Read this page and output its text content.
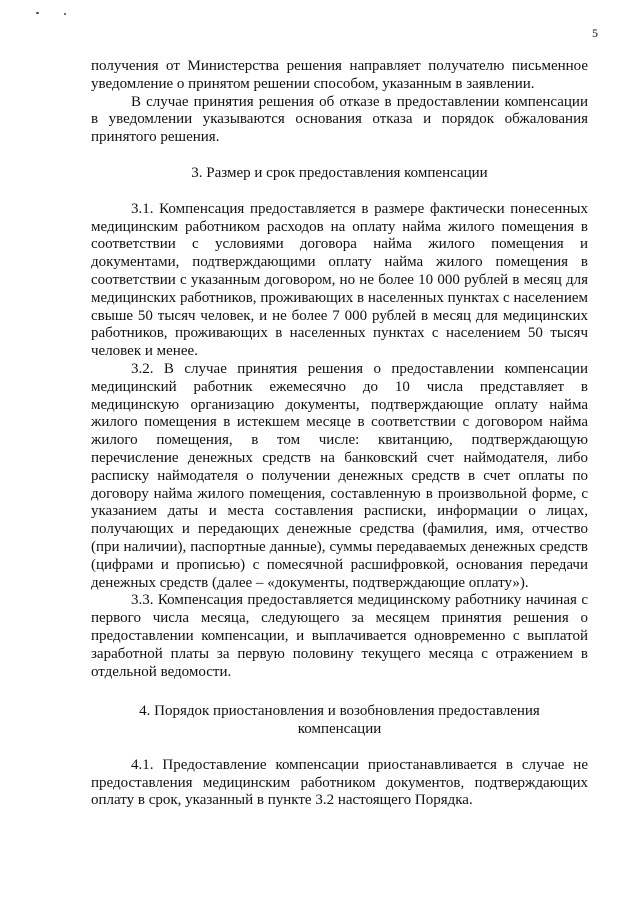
5

получения от Министерства решения направляет получателю письменное уведомление о принятом решении способом, указанным в заявлении.

В случае принятия решения об отказе в предоставлении компенсации в уведомлении указываются основания отказа и порядок обжалования принятого решения.

3. Размер и срок предоставления компенсации

3.1. Компенсация предоставляется в размере фактически понесенных медицинским работником расходов на оплату найма жилого помещения в соответствии с условиями договора найма жилого помещения и документами, подтверждающими оплату найма жилого помещения в соответствии с указанным договором, но не более 10 000 рублей в месяц для медицинских работников, проживающих в населенных пунктах с населением свыше 50 тысяч человек, и не более 7 000 рублей в месяц для медицинских работников, проживающих в населенных пунктах с населением 50 тысяч человек и менее.

3.2. В случае принятия решения о предоставлении компенсации медицинский работник ежемесячно до 10 числа представляет в медицинскую организацию документы, подтверждающие оплату найма жилого помещения в истекшем месяце в соответствии с договором найма жилого помещения, в том числе: квитанцию, подтверждающую перечисление денежных средств на банковский счет наймодателя, либо расписку наймодателя о получении денежных средств в счет оплаты по договору найма жилого помещения, составленную в произвольной форме, с указанием даты и места составления расписки, информации о лицах, получающих и передающих денежные средства (фамилия, имя, отчество (при наличии), паспортные данные), суммы передаваемых денежных средств (цифрами и прописью) с помесячной расшифровкой, основания передачи денежных средств (далее – «документы, подтверждающие оплату»).

3.3. Компенсация предоставляется медицинскому работнику начиная с первого числа месяца, следующего за месяцем принятия решения о предоставлении компенсации, и выплачивается одновременно с выплатой заработной платы за первую половину текущего месяца с отражением в отдельной ведомости.

4. Порядок приостановления и возобновления предоставления

компенсации

4.1. Предоставление компенсации приостанавливается в случае не предоставления медицинским работником документов, подтверждающих оплату в срок, указанный в пункте 3.2 настоящего Порядка.
